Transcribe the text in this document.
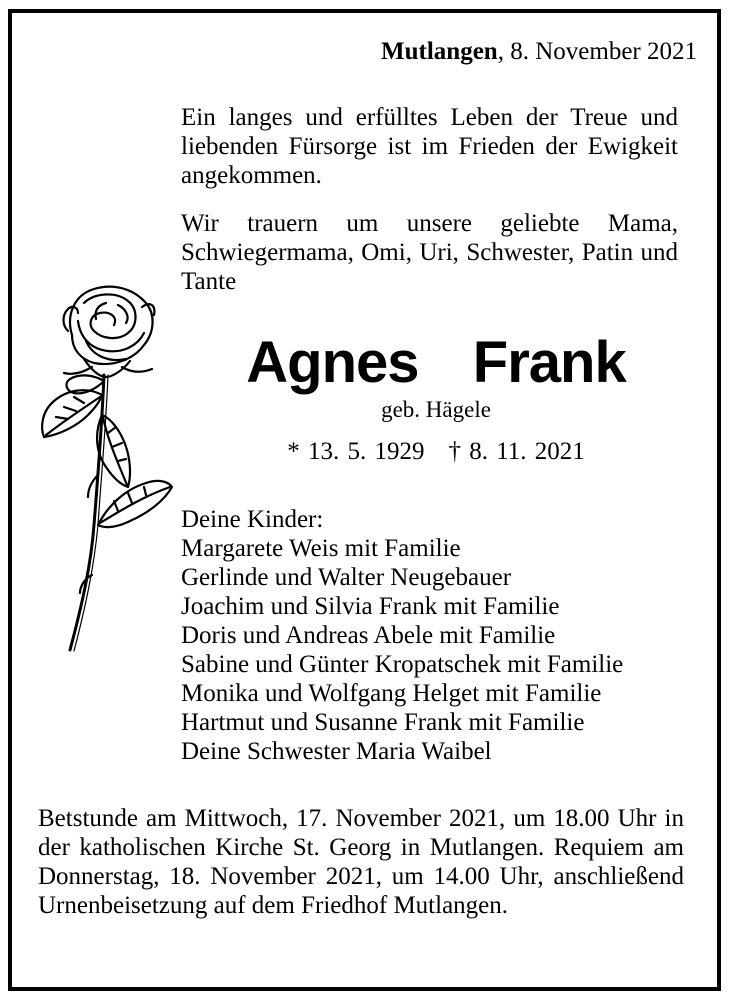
Mutlangen, 8. November 2021
Ein langes und erfülltes Leben der Treue und liebenden Fürsorge ist im Frieden der Ewigkeit angekommen.
Wir trauern um unsere geliebte Mama, Schwiegermama, Omi, Uri, Schwester, Patin und Tante
Agnes  Frank
geb. Hägele
* 13. 5. 1929 † 8. 11. 2021
Deine Kinder:
Margarete Weis mit Familie
Gerlinde und Walter Neugebauer
Joachim und Silvia Frank mit Familie
Doris und Andreas Abele mit Familie
Sabine und Günter Kropatschek mit Familie
Monika und Wolfgang Helget mit Familie
Hartmut und Susanne Frank mit Familie
Deine Schwester Maria Waibel
Betstunde am Mittwoch, 17. November 2021, um 18.00 Uhr in der katholischen Kirche St. Georg in Mutlangen. Requiem am Donnerstag, 18. November 2021, um 14.00 Uhr, anschließend Urnenbeisetzung auf dem Friedhof Mutlangen.
